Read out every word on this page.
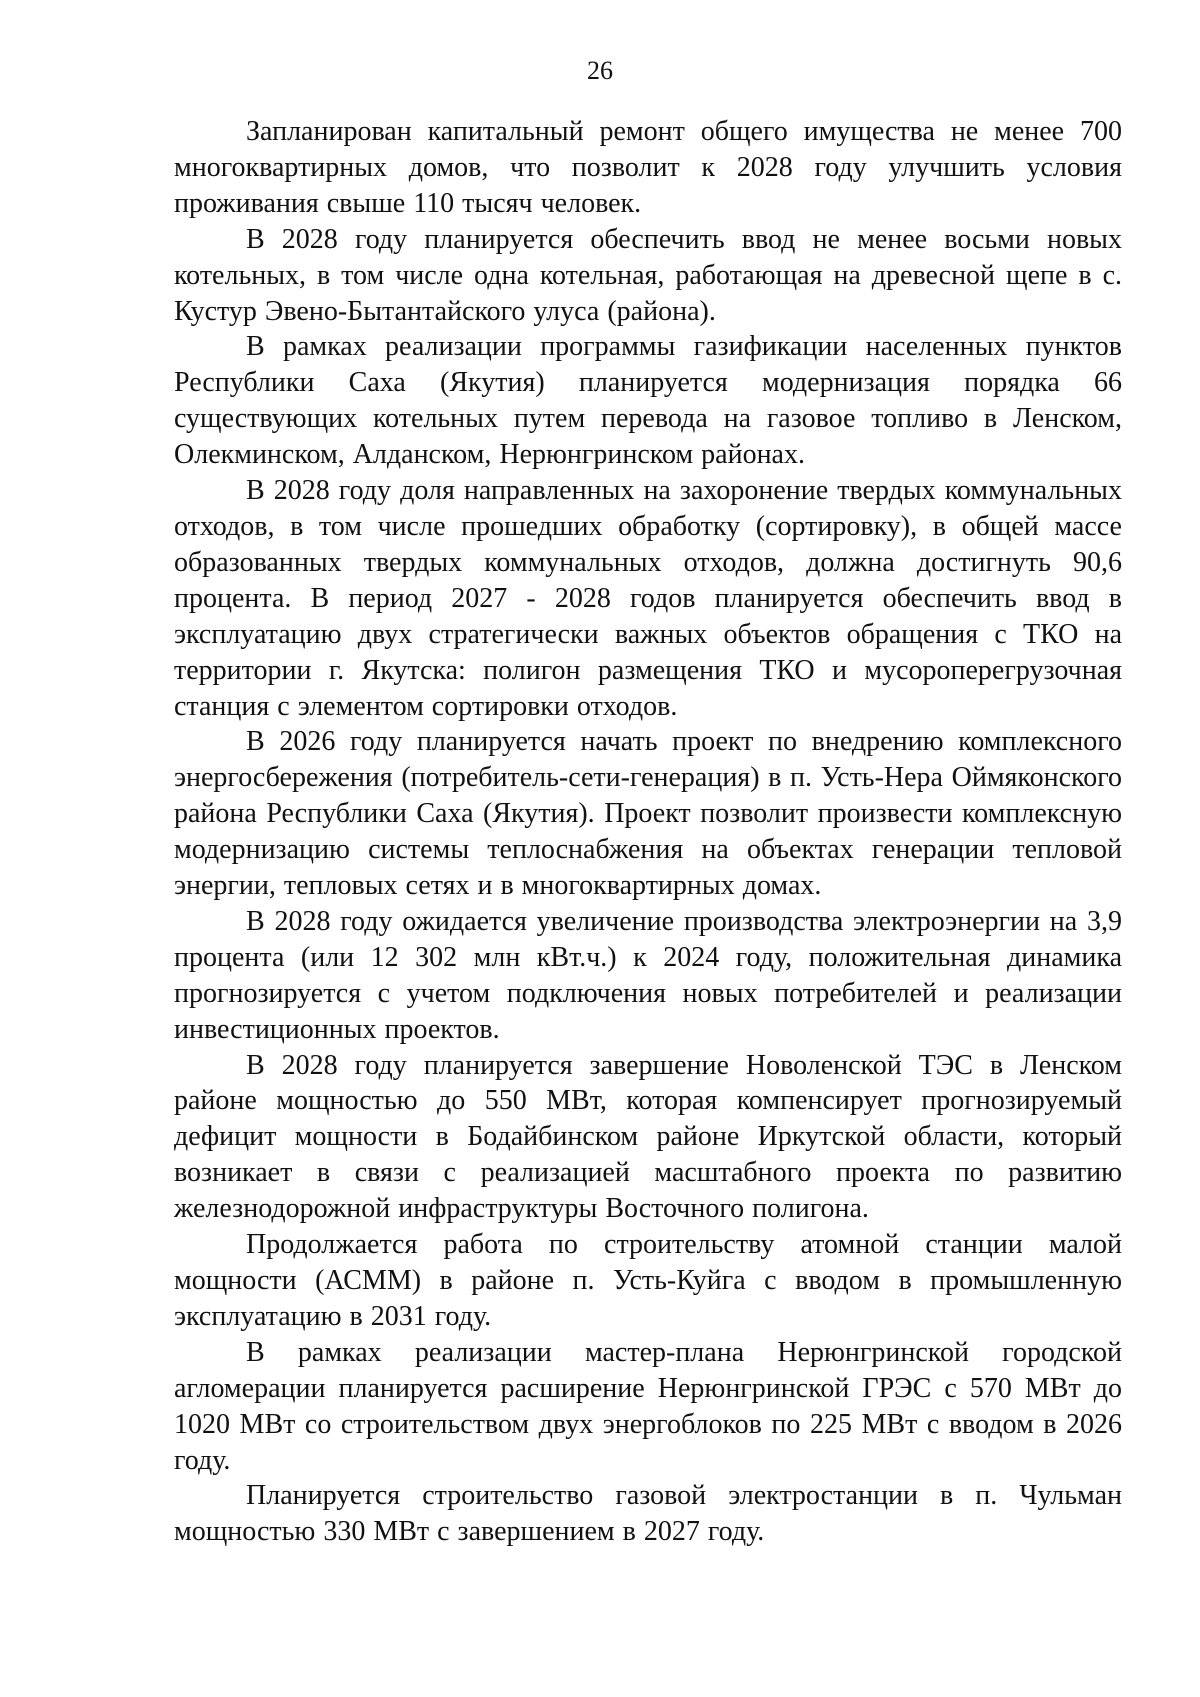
26

Запланирован капитальный ремонт общего имущества не менее 700 многоквартирных домов, что позволит к 2028 году улучшить условия проживания свыше 110 тысяч человек.

В 2028 году планируется обеспечить ввод не менее восьми новых котельных, в том числе одна котельная, работающая на древесной щепе в с. Кустур Эвено-Бытантайского улуса (района).

В рамках реализации программы газификации населенных пунктов Республики Саха (Якутия) планируется модернизация порядка 66 существующих котельных путем перевода на газовое топливо в Ленском, Олекминском, Алданском, Нерюнгринском районах.

В 2028 году доля направленных на захоронение твердых коммунальных отходов, в том числе прошедших обработку (сортировку), в общей массе образованных твердых коммунальных отходов, должна достигнуть 90,6 процента. В период 2027 - 2028 годов планируется обеспечить ввод в эксплуатацию двух стратегически важных объектов обращения с ТКО на территории г. Якутска: полигон размещения ТКО и мусороперегрузочная станция с элементом сортировки отходов.

В 2026 году планируется начать проект по внедрению комплексного энергосбережения (потребитель-сети-генерация) в п. Усть-Нера Оймяконского района Республики Саха (Якутия). Проект позволит произвести комплексную модернизацию системы теплоснабжения на объектах генерации тепловой энергии, тепловых сетях и в многоквартирных домах.

В 2028 году ожидается увеличение производства электроэнергии на 3,9 процента (или 12 302 млн кВт.ч.) к 2024 году, положительная динамика прогнозируется с учетом подключения новых потребителей и реализации инвестиционных проектов.

В 2028 году планируется завершение Новоленской ТЭС в Ленском районе мощностью до 550 МВт, которая компенсирует прогнозируемый дефицит мощности в Бодайбинском районе Иркутской области, который возникает в связи с реализацией масштабного проекта по развитию железнодорожной инфраструктуры Восточного полигона.

Продолжается работа по строительству атомной станции малой мощности (АСММ) в районе п. Усть-Куйга с вводом в промышленную эксплуатацию в 2031 году.

В рамках реализации мастер-плана Нерюнгринской городской агломерации планируется расширение Нерюнгринской ГРЭС с 570 МВт до 1020 МВт со строительством двух энергоблоков по 225 МВт с вводом в 2026 году.

Планируется строительство газовой электростанции в п. Чульман мощностью 330 МВт с завершением в 2027 году.
